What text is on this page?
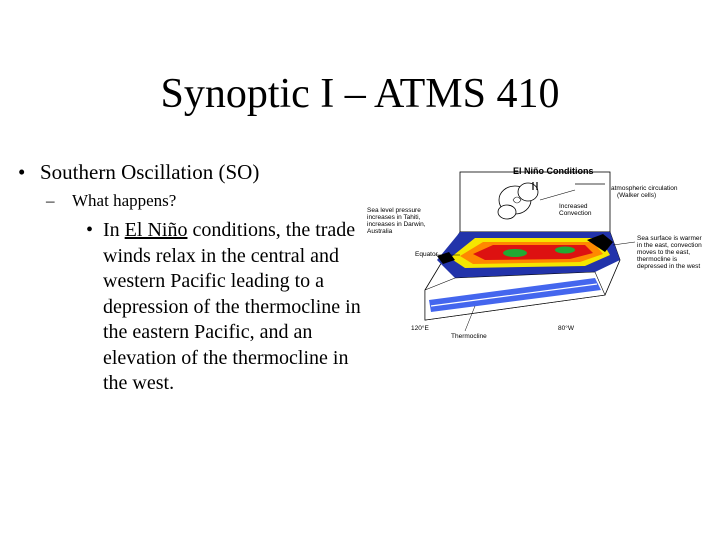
Synoptic I – ATMS 410
• Southern Oscillation (SO)
– What happens?
• In El Niño conditions, the trade winds relax in the central and western Pacific leading to a depression of the thermocline in the eastern Pacific, and an elevation of the thermocline in the west.
El Niño Conditions
Sea level pressure increases in Tahiti, increases in Darwin, Australia
Equator
Increased Convection
atmospheric circulation (Walker cells)
Sea surface is warmer in the east, convection moves to the east, thermocline is depressed in the west
120°E	80°W
Thermocline
